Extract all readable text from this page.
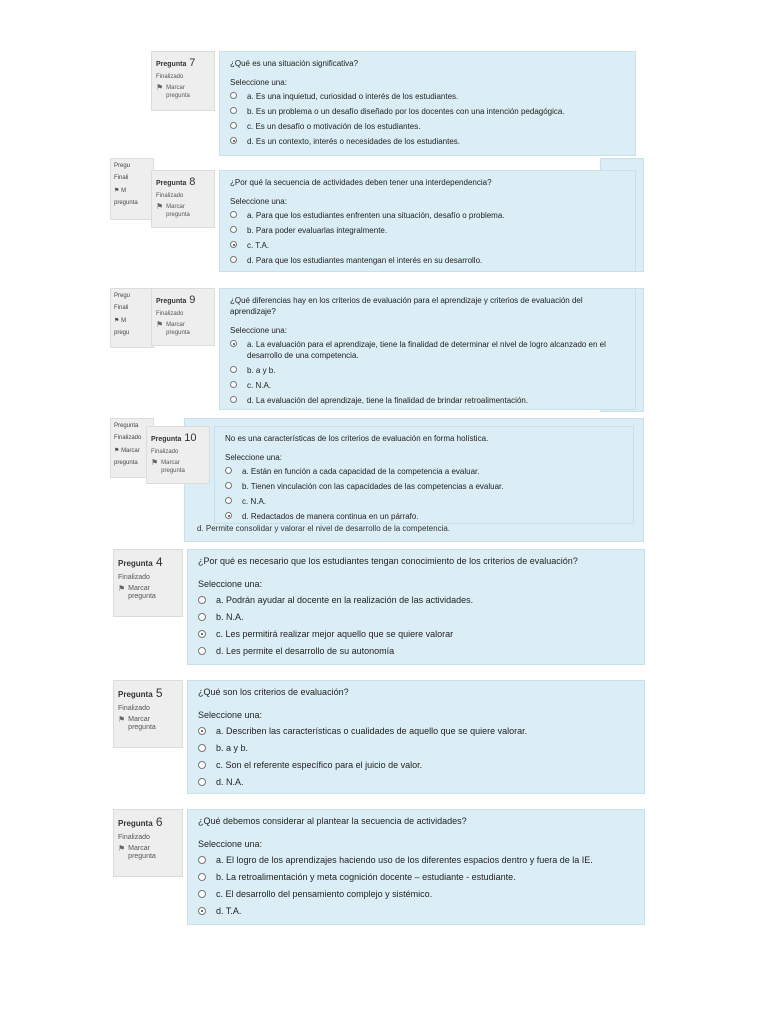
Pregu
Finali
⚑ M
pregunta
Pregu
Finali
⚑ M
pregu
Pregunta
Finalizado
⚑ Marcar
pregunta
d. Permite consolidar y valorar el nivel de desarrollo de la competencia.
Pregunta 7
Finalizado
⚑ Marcar
pregunta
¿Qué es una situación significativa?
Seleccione una:
a. Es una inquietud, curiosidad o interés de los estudiantes.
b. Es un problema o un desafío diseñado por los docentes con una intención pedagógica.
c. Es un desafío o motivación de los estudiantes.
d. Es un contexto, interés o necesidades de los estudiantes.
Pregunta 8
Finalizado
⚑ Marcar
pregunta
¿Por qué la secuencia de actividades deben tener una interdependencia?
Seleccione una:
a. Para que los estudiantes enfrenten una situación, desafío o problema.
b. Para poder evaluarlas integralmente.
c. T.A.
d. Para que los estudiantes mantengan el interés en su desarrollo.
Pregunta 9
Finalizado
⚑ Marcar
pregunta
¿Qué diferencias hay en los criterios de evaluación para el aprendizaje y criterios de evaluación del aprendizaje?
Seleccione una:
a. La evaluación para el aprendizaje, tiene la finalidad de determinar el nivel de logro alcanzado en el desarrollo de una competencia.
b. a y b.
c. N.A.
d. La evaluación del aprendizaje, tiene la finalidad de brindar retroalimentación.
Pregunta 10
Finalizado
⚑ Marcar
pregunta
No es una características de los criterios de evaluación en forma holística.
Seleccione una:
a. Están en función a cada capacidad de la competencia a evaluar.
b. Tienen vinculación con las capacidades de las competencias a evaluar.
c. N.A.
d. Redactados de manera continua en un párrafo.
Pregunta 4
Finalizado
⚑ Marcar
pregunta
¿Por qué es necesario que los estudiantes tengan conocimiento de los criterios de evaluación?
Seleccione una:
a. Podrán ayudar al docente en la realización de las actividades.
b. N.A.
c. Les permitirá realizar mejor aquello que se quiere valorar
d. Les permite el desarrollo de su autonomía
Pregunta 5
Finalizado
⚑ Marcar
pregunta
¿Qué son los criterios de evaluación?
Seleccione una:
a. Describen las características o cualidades de aquello que se quiere valorar.
b. a y b.
c. Son el referente específico para el juicio de valor.
d. N.A.
Pregunta 6
Finalizado
⚑ Marcar
pregunta
¿Qué debemos considerar al plantear la secuencia de actividades?
Seleccione una:
a. El logro de los aprendizajes haciendo uso de los diferentes espacios dentro y fuera de la IE.
b. La retroalimentación y meta cognición docente – estudiante - estudiante.
c. El desarrollo del pensamiento complejo y sistémico.
d. T.A.
